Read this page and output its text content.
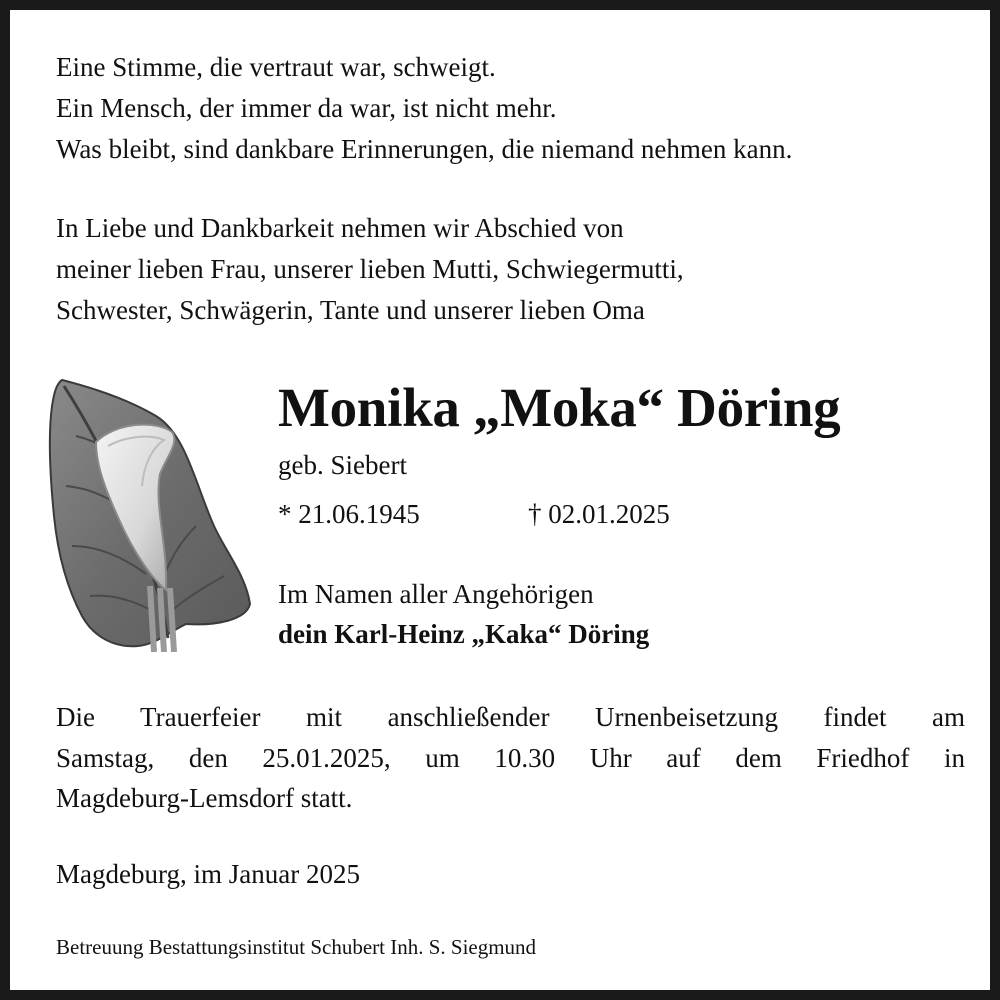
Eine Stimme, die vertraut war, schweigt.
Ein Mensch, der immer da war, ist nicht mehr.
Was bleibt, sind dankbare Erinnerungen, die niemand nehmen kann.
In Liebe und Dankbarkeit nehmen wir Abschied von
meiner lieben Frau, unserer lieben Mutti, Schwiegermutti,
Schwester, Schwägerin, Tante und unserer lieben Oma
Monika „Moka“ Döring
geb. Siebert
* 21.06.1945	† 02.01.2025
Im Namen aller Angehörigen
dein Karl-Heinz „Kaka“ Döring
Die Trauerfeier mit anschließender Urnenbeisetzung findet am
Samstag, den 25.01.2025, um 10.30 Uhr auf dem Friedhof in
Magdeburg-Lemsdorf statt.
Magdeburg, im Januar 2025
Betreuung Bestattungsinstitut Schubert Inh. S. Siegmund
